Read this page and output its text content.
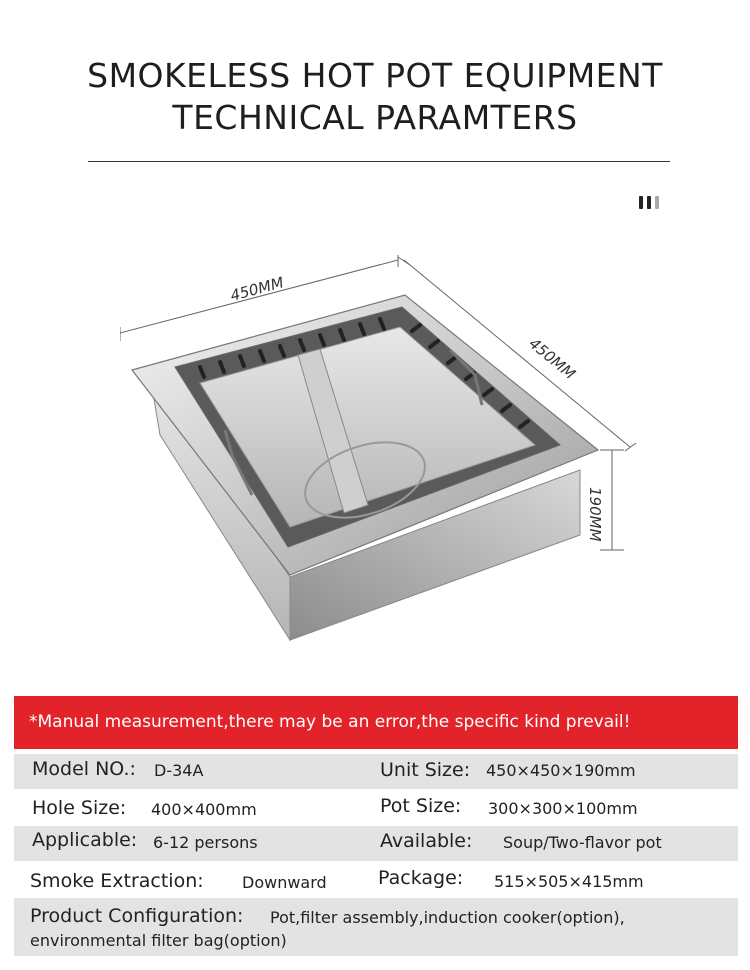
SMOKELESS HOT POT EQUIPMENT
TECHNICAL PARAMTERS
450MM
450MM
190MM
*Manual measurement,there may be an error,the specific kind prevail!
Model NO.: D-34A	Unit Size: 450×450×190mm
Hole Size: 400×400mm	Pot Size: 300×300×100mm
Applicable: 6-12 persons	Available: Soup/Two-flavor pot
Smoke Extraction: Downward	Package: 515×505×415mm
Product Configuration: Pot,filter assembly,induction cooker(option),
environmental filter bag(option)
